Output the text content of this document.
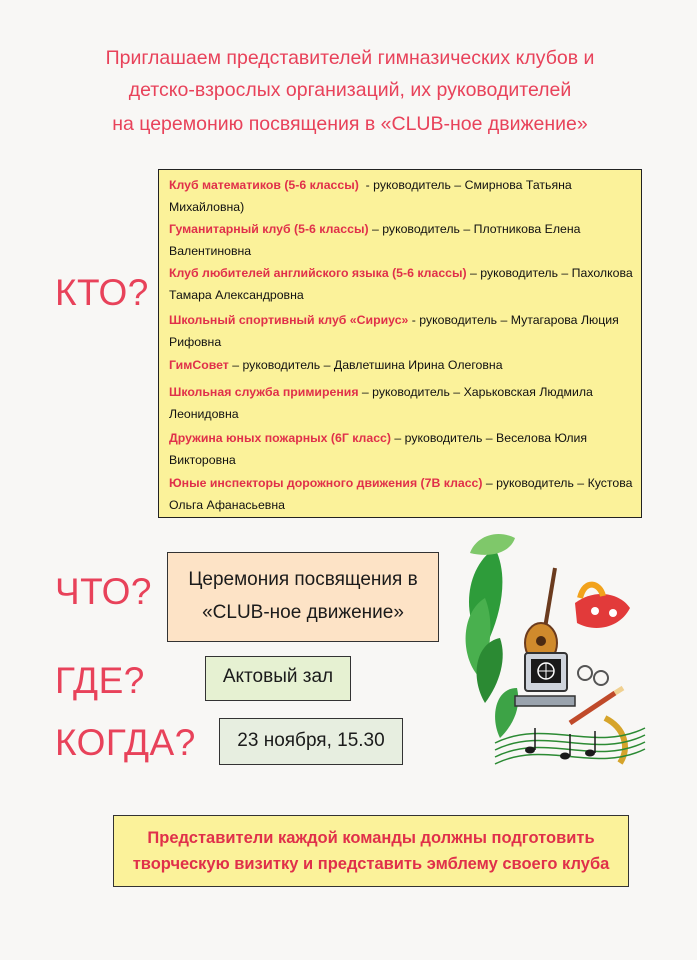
Приглашаем представителей гимназических клубов и
детско-взрослых организаций, их руководителей
на церемонию посвящения в «CLUB-ное движение»
КТО?
ЧТО?
ГДЕ?
КОГДА?
Клуб математиков (5-6 классы)  - руководитель – Смирнова Татьяна
Михайловна)
Гуманитарный клуб (5-6 классы) – руководитель – Плотникова Елена
Валентиновна
Клуб любителей английского языка (5-6 классы) – руководитель – Пахолкова
Тамара Александровна
Школьный спортивный клуб «Сириус» - руководитель – Мутагарова Люция
Рифовна
ГимСовет – руководитель – Давлетшина Ирина Олеговна
Школьная служба примирения – руководитель – Харьковская Людмила
Леонидовна
Дружина юных пожарных (6Г класс) – руководитель – Веселова Юлия
Викторовна
Юные инспекторы дорожного движения (7В класс) – руководитель – Кустова
Ольга Афанасьевна
Церемония посвящения в
«CLUB-ное движение»
Актовый зал
23 ноября, 15.30
Представители каждой команды должны подготовить
творческую визитку и представить эмблему своего клуба
